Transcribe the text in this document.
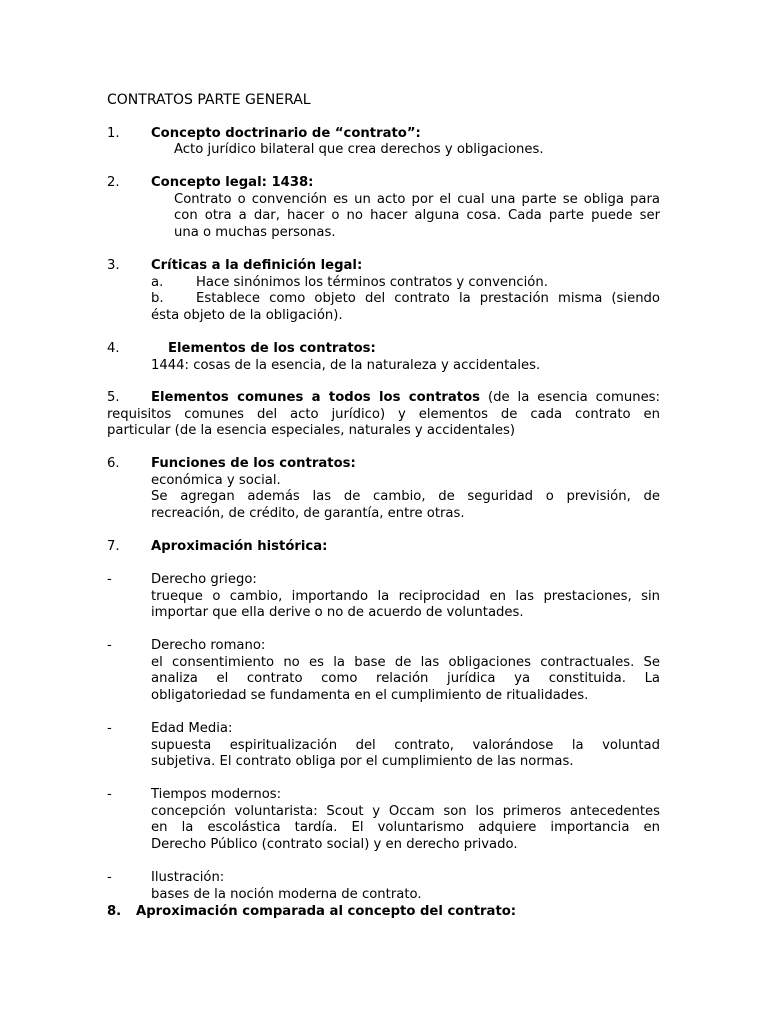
CONTRATOS PARTE GENERAL
1. Concepto doctrinario de “contrato”:
Acto jurídico bilateral que crea derechos y obligaciones.
2. Concepto legal: 1438:
Contrato o convención es un acto por el cual una parte se obliga para
con otra a dar, hacer o no hacer alguna cosa. Cada parte puede ser
una o muchas personas.
3. Críticas a la definición legal:
a. Hace sinónimos los términos contratos y convención.
b. Establece como objeto del contrato la prestación misma (siendo
ésta objeto de la obligación).
4.	Elementos de los contratos:
1444: cosas de la esencia, de la naturaleza y accidentales.
5. Elementos comunes a todos los contratos (de la esencia comunes:
requisitos comunes del acto jurídico) y elementos de cada contrato en
particular (de la esencia especiales, naturales y accidentales)
6. Funciones de los contratos:
económica y social.
Se agregan además las de cambio, de seguridad o previsión, de
recreación, de crédito, de garantía, entre otras.
7. Aproximación histórica:
-	Derecho griego:
trueque o cambio, importando la reciprocidad en las prestaciones, sin
importar que ella derive o no de acuerdo de voluntades.
-	Derecho romano:
el consentimiento no es la base de las obligaciones contractuales. Se
analiza el contrato como relación jurídica ya constituida. La
obligatoriedad se fundamenta en el cumplimiento de ritualidades.
-	Edad Media:
supuesta espiritualización del contrato, valorándose la voluntad
subjetiva. El contrato obliga por el cumplimiento de las normas.
-	Tiempos modernos:
concepción voluntarista: Scout y Occam son los primeros antecedentes
en la escolástica tardía. El voluntarismo adquiere importancia en
Derecho Público (contrato social) y en derecho privado.
-	Ilustración:
bases de la noción moderna de contrato.
8. Aproximación comparada al concepto del contrato:
